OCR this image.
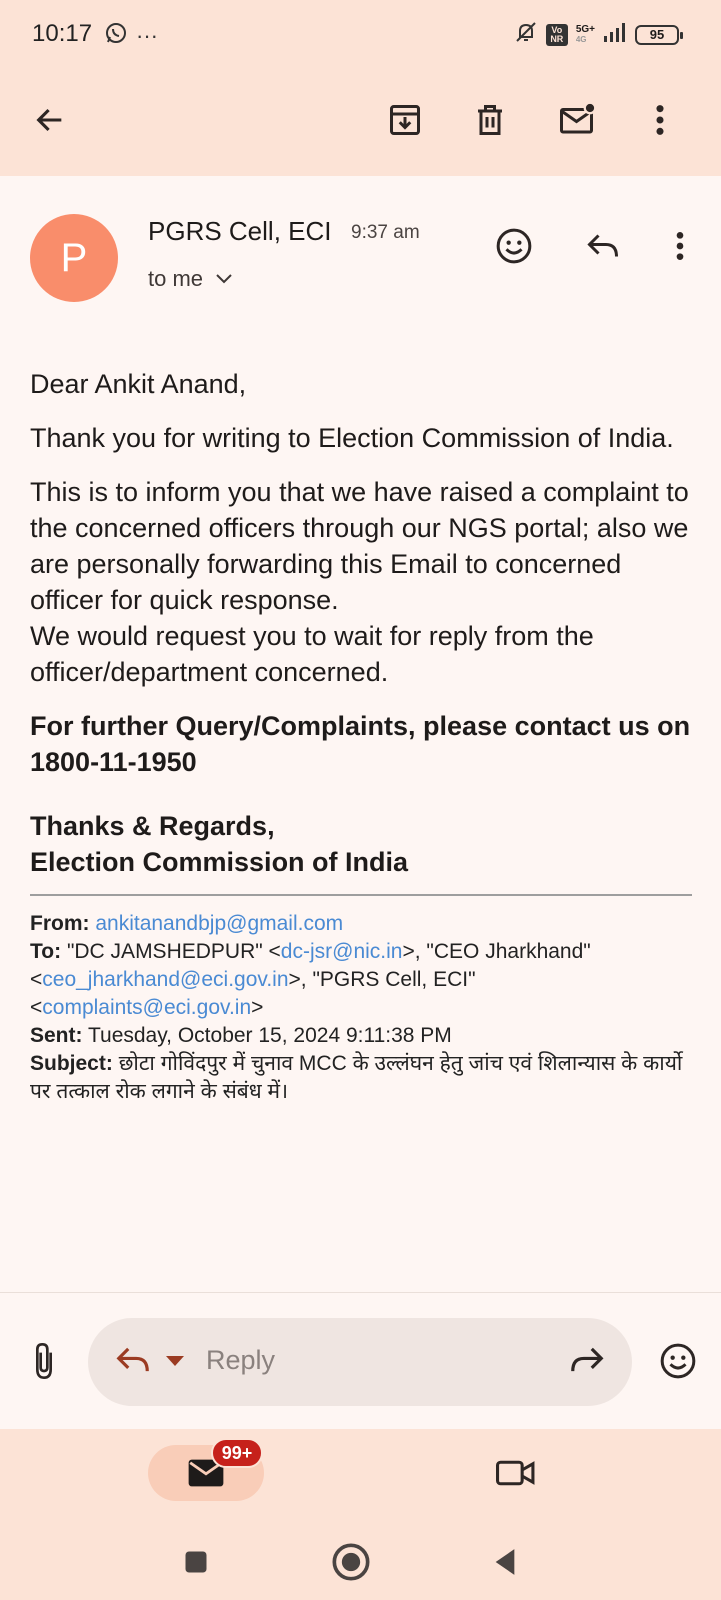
10:17 ···	Vo NR
5G+
4G	95
P
PGRS Cell, ECI 9:37 am
to me

Dear Ankit Anand,

Thank you for writing to Election Commission of India.

This is to inform you that we have raised a complaint to the concerned officers through our NGS portal; also we are personally forwarding this Email to concerned officer for quick response.

We would request you to wait for reply from the officer/department concerned.

For further Query/Complaints, please contact us on 1800-11-1950

Thanks & Regards,
Election Commission of India
From: ankitanandbjp@gmail.com
To: "DC JAMSHEDPUR" <dc-jsr@nic.in>, "CEO Jharkhand" <ceo_jharkhand@eci.gov.in>, "PGRS Cell, ECI" <complaints@eci.gov.in>
Sent: Tuesday, October 15, 2024 9:11:38 PM
Subject: छोटा गोविंदपुर में चुनाव MCC के उल्लंघन हेतु जांच एवं शिलान्यास के कार्यो पर तत्काल रोक लगाने के संबंध में।
Reply
99+
